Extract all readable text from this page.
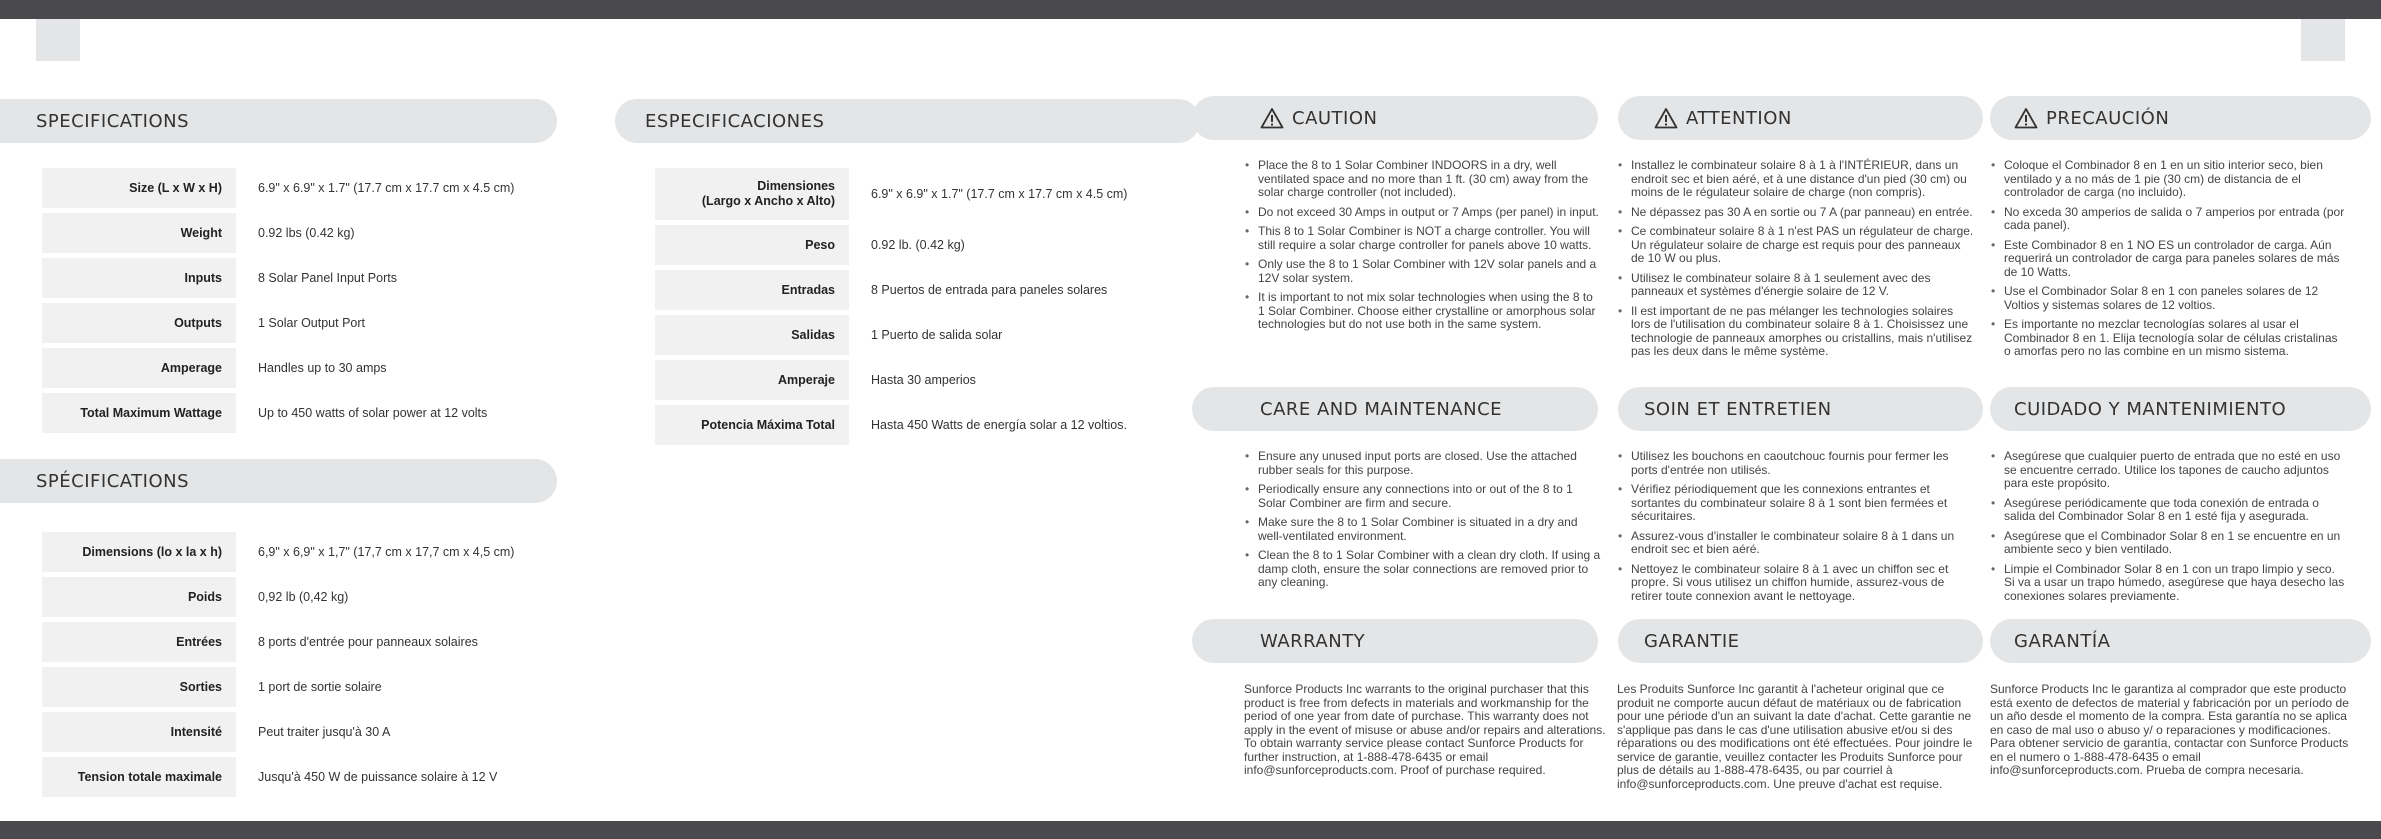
SPECIFICATIONS
Size (L x W x H)	6.9" x 6.9" x 1.7" (17.7 cm x 17.7 cm x 4.5 cm)
Weight	0.92 lbs (0.42 kg)
Inputs	8 Solar Panel Input Ports
Outputs	1 Solar Output Port
Amperage	Handles up to 30 amps
Total Maximum Wattage	Up to 450 watts of solar power at 12 volts
SPÉCIFICATIONS
Dimensions (lo x la x h)	6,9" x 6,9" x 1,7" (17,7 cm x 17,7 cm x 4,5 cm)
Poids	0,92 lb (0,42 kg)
Entrées	8 ports d'entrée pour panneaux solaires
Sorties	1 port de sortie solaire
Intensité	Peut traiter jusqu'à 30 A
Tension totale maximale	Jusqu'à 450 W de puissance solaire à 12 V
ESPECIFICACIONES
Dimensiones
(Largo x Ancho x Alto)	6.9" x 6.9" x 1.7" (17.7 cm x 17.7 cm x 4.5 cm)
Peso	0.92 lb. (0.42 kg)
Entradas	8 Puertos de entrada para paneles solares
Salidas	1 Puerto de salida solar
Amperaje	Hasta 30 amperios
Potencia Máxima Total	Hasta 450 Watts de energía solar a 12 voltios.
CAUTION	ATTENTION	PRECAUCIÓN
• Place the 8 to 1 Solar Combiner INDOORS in a dry, well ventilated space and no more than 1 ft. (30 cm) away from the solar charge controller (not included).
• Do not exceed 30 Amps in output or 7 Amps (per panel) in input.
• This 8 to 1 Solar Combiner is NOT a charge controller. You will still require a solar charge controller for panels above 10 watts.
• Only use the 8 to 1 Solar Combiner with 12V solar panels and a 12V solar system.
• It is important to not mix solar technologies when using the 8 to 1 Solar Combiner. Choose either crystalline or amorphous solar technologies but do not use both in the same system.
• Installez le combinateur solaire 8 à 1 à l'INTÉRIEUR, dans un endroit sec et bien aéré, et à une distance d'un pied (30 cm) ou moins de le régulateur solaire de charge (non compris).
• Ne dépassez pas 30 A en sortie ou 7 A (par panneau) en entrée.
• Ce combinateur solaire 8 à 1 n'est PAS un régulateur de charge. Un régulateur solaire de charge est requis pour des panneaux de 10 W ou plus.
• Utilisez le combinateur solaire 8 à 1 seulement avec des panneaux et systèmes d'énergie solaire de 12 V.
• Il est important de ne pas mélanger les technologies solaires lors de l'utilisation du combinateur solaire 8 à 1. Choisissez une technologie de panneaux amorphes ou cristallins, mais n'utilisez pas les deux dans le même système.
• Coloque el Combinador 8 en 1 en un sitio interior seco, bien ventilado y a no más de 1 pie (30 cm) de distancia de el controlador de carga (no incluido).
• No exceda 30 amperios de salida o 7 amperios por entrada (por cada panel).
• Este Combinador 8 en 1 NO ES un controlador de carga. Aún requerirá un controlador de carga para paneles solares de más de 10 Watts.
• Use el Combinador Solar 8 en 1 con paneles solares de 12 Voltios y sistemas solares de 12 voltios.
• Es importante no mezclar tecnologías solares al usar el Combinador 8 en 1. Elija tecnología solar de células cristalinas o amorfas pero no las combine en un mismo sistema.
CARE AND MAINTENANCE	SOIN ET ENTRETIEN	CUIDADO Y MANTENIMIENTO
• Ensure any unused input ports are closed. Use the attached rubber seals for this purpose.
• Periodically ensure any connections into or out of the 8 to 1 Solar Combiner are firm and secure.
• Make sure the 8 to 1 Solar Combiner is situated in a dry and well-ventilated environment.
• Clean the 8 to 1 Solar Combiner with a clean dry cloth. If using a damp cloth, ensure the solar connections are removed prior to any cleaning.
• Utilisez les bouchons en caoutchouc fournis pour fermer les ports d'entrée non utilisés.
• Vérifiez périodiquement que les connexions entrantes et sortantes du combinateur solaire 8 à 1 sont bien fermées et sécuritaires.
• Assurez-vous d'installer le combinateur solaire 8 à 1 dans un endroit sec et bien aéré.
• Nettoyez le combinateur solaire 8 à 1 avec un chiffon sec et propre. Si vous utilisez un chiffon humide, assurez-vous de retirer toute connexion avant le nettoyage.
• Asegúrese que cualquier puerto de entrada que no esté en uso se encuentre cerrado. Utilice los tapones de caucho adjuntos para este propósito.
• Asegúrese periódicamente que toda conexión de entrada o salida del Combinador Solar 8 en 1 esté fija y asegurada.
• Asegúrese que el Combinador Solar 8 en 1 se encuentre en un ambiente seco y bien ventilado.
• Limpie el Combinador Solar 8 en 1 con un trapo limpio y seco. Si va a usar un trapo húmedo, asegúrese que haya desecho las conexiones solares previamente.
WARRANTY	GARANTIE	GARANTÍA

Sunforce Products Inc warrants to the original purchaser that this product is free from defects in materials and workmanship for the period of one year from date of purchase. This warranty does not apply in the event of misuse or abuse and/or repairs and alterations. To obtain warranty service please contact Sunforce Products for further instruction, at 1-888-478-6435 or email info@sunforceproducts.com. Proof of purchase required.

Les Produits Sunforce Inc garantit à l'acheteur original que ce produit ne comporte aucun défaut de matériaux ou de fabrication pour une période d'un an suivant la date d'achat. Cette garantie ne s'applique pas dans le cas d'une utilisation abusive et/ou si des réparations ou des modifications ont été effectuées. Pour joindre le service de garantie, veuillez contacter les Produits Sunforce pour plus de détails au 1-888-478-6435, ou par courriel à info@sunforceproducts.com. Une preuve d'achat est requise.

Sunforce Products Inc le garantiza al comprador que este producto está exento de defectos de material y fabricación por un período de un año desde el momento de la compra. Esta garantía no se aplica en caso de mal uso o abuso y/ o reparaciones y modificaciones. Para obtener servicio de garantía, contactar con Sunforce Products en el numero o 1-888-478-6435 o email info@sunforceproducts.com. Prueba de compra necesaria.
